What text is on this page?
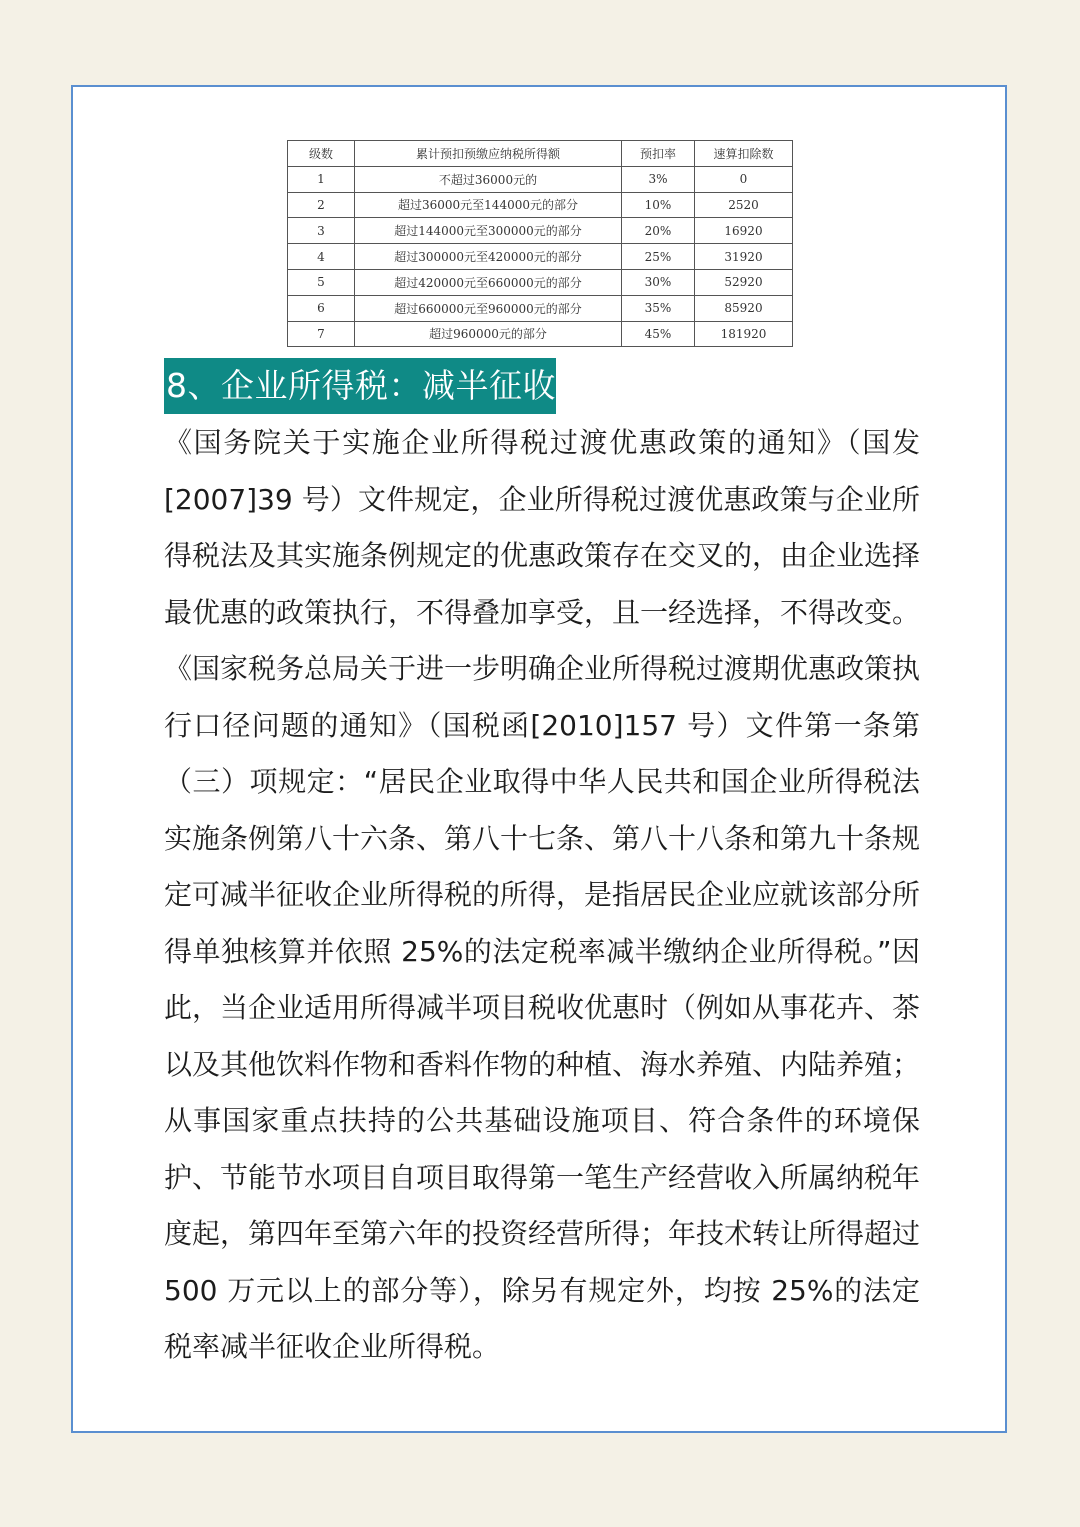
级数	累计预扣预缴应纳税所得额	预扣率	速算扣除数
1	不超过36000元的	3%	0
2	超过36000元至144000元的部分	10%	2520
3	超过144000元至300000元的部分	20%	16920
4	超过300000元至420000元的部分	25%	31920
5	超过420000元至660000元的部分	30%	52920
6	超过660000元至960000元的部分	35%	85920
7	超过960000元的部分	45%	181920
8、企业所得税：减半征收

《国务院关于实施企业所得税过渡优惠政策的通知》（国发[2007]39 号）文件规定，企业所得税过渡优惠政策与企业所得税法及其实施条例规定的优惠政策存在交叉的，由企业选择最优惠的政策执行，不得叠加享受，且一经选择，不得改变。《国家税务总局关于进一步明确企业所得税过渡期优惠政策执行口径问题的通知》（国税函[2010]157 号）文件第一条第（三）项规定：“居民企业取得中华人民共和国企业所得税法实施条例第八十六条、第八十七条、第八十八条和第九十条规定可减半征收企业所得税的所得，是指居民企业应就该部分所得单独核算并依照 25%的法定税率减半缴纳企业所得税。”因此，当企业适用所得减半项目税收优惠时（例如从事花卉、茶以及其他饮料作物和香料作物的种植、海水养殖、内陆养殖；从事国家重点扶持的公共基础设施项目、符合条件的环境保护、节能节水项目自项目取得第一笔生产经营收入所属纳税年度起，第四年至第六年的投资经营所得；年技术转让所得超过 500 万元以上的部分等），除另有规定外，均按 25%的法定税率减半征收企业所得税。
